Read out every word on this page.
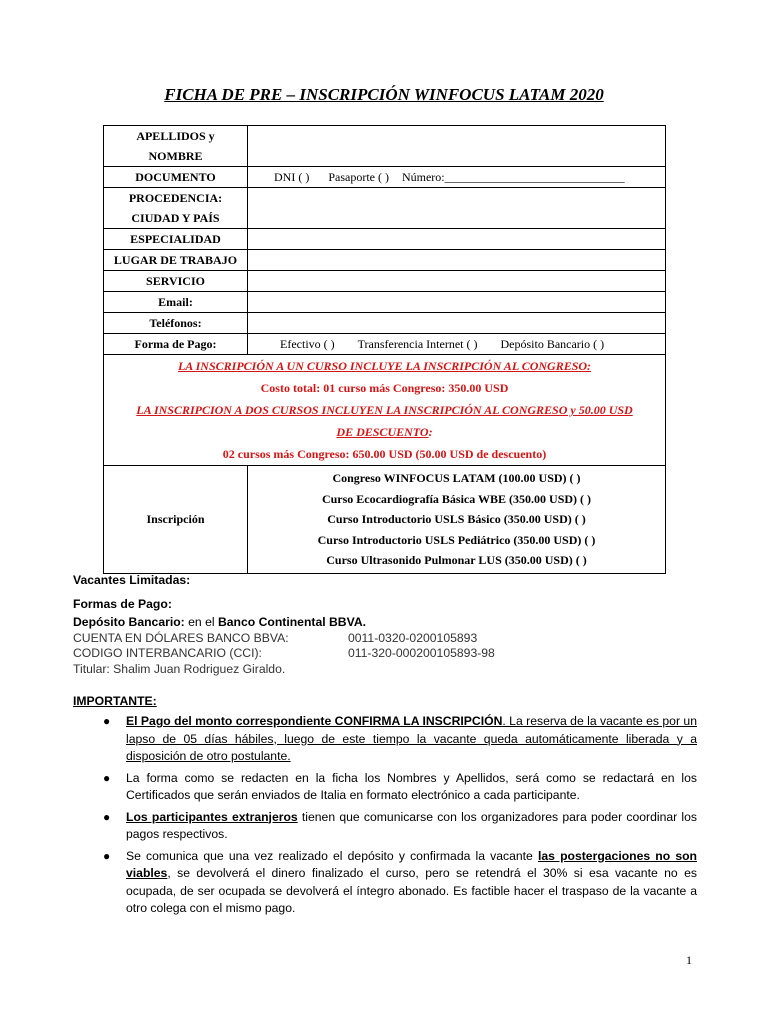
FICHA DE PRE – INSCRIPCIÓN WINFOCUS LATAM 2020
APELLIDOS y NOMBRE	
DOCUMENTO	DNI ( ) Pasaporte ( ) Número:______________________________
PROCEDENCIA: CIUDAD Y PAÍS	
ESPECIALIDAD	
LUGAR DE TRABAJO	
SERVICIO	
Email:	
Teléfonos:	
Forma de Pago:	Efectivo ( ) Transferencia Internet ( ) Depósito Bancario ( )

LA INSCRIPCIÓN A UN CURSO INCLUYE LA INSCRIPCIÓN AL CONGRESO:
Costo total: 01 curso más Congreso: 350.00 USD
LA INSCRIPCION A DOS CURSOS INCLUYEN LA INSCRIPCIÓN AL CONGRESO y 50.00 USD
DE DESCUENTO:
02 cursos más Congreso: 650.00 USD (50.00 USD de descuento)	

Inscripción	Congreso WINFOCUS LATAM (100.00 USD) ( )
Curso Ecocardiografía Básica WBE (350.00 USD) ( )
Curso Introductorio USLS Básico (350.00 USD) ( )
Curso Introductorio USLS Pediátrico (350.00 USD) ( )
Curso Ultrasonido Pulmonar LUS (350.00 USD) ( )
Vacantes Limitadas:
Formas de Pago:
Depósito Bancario: en el Banco Continental BBVA.
CUENTA EN DÓLARES BANCO BBVA:	0011-0320-0200105893
CODIGO INTERBANCARIO (CCI):	011-320-000200105893-98
Titular: Shalim Juan Rodriguez Giraldo.
IMPORTANTE:
● El Pago del monto correspondiente CONFIRMA LA INSCRIPCIÓN. La reserva de la vacante es por un lapso de 05 días hábiles, luego de este tiempo la vacante queda automáticamente liberada y a disposición de otro postulante.
● La forma como se redacten en la ficha los Nombres y Apellidos, será como se redactará en los Certificados que serán enviados de Italia en formato electrónico a cada participante.
● Los participantes extranjeros tienen que comunicarse con los organizadores para poder coordinar los pagos respectivos.
● Se comunica que una vez realizado el depósito y confirmada la vacante las postergaciones no son viables, se devolverá el dinero finalizado el curso, pero se retendrá el 30% si esa vacante no es ocupada, de ser ocupada se devolverá el íntegro abonado. Es factible hacer el traspaso de la vacante a otro colega con el mismo pago.
1
